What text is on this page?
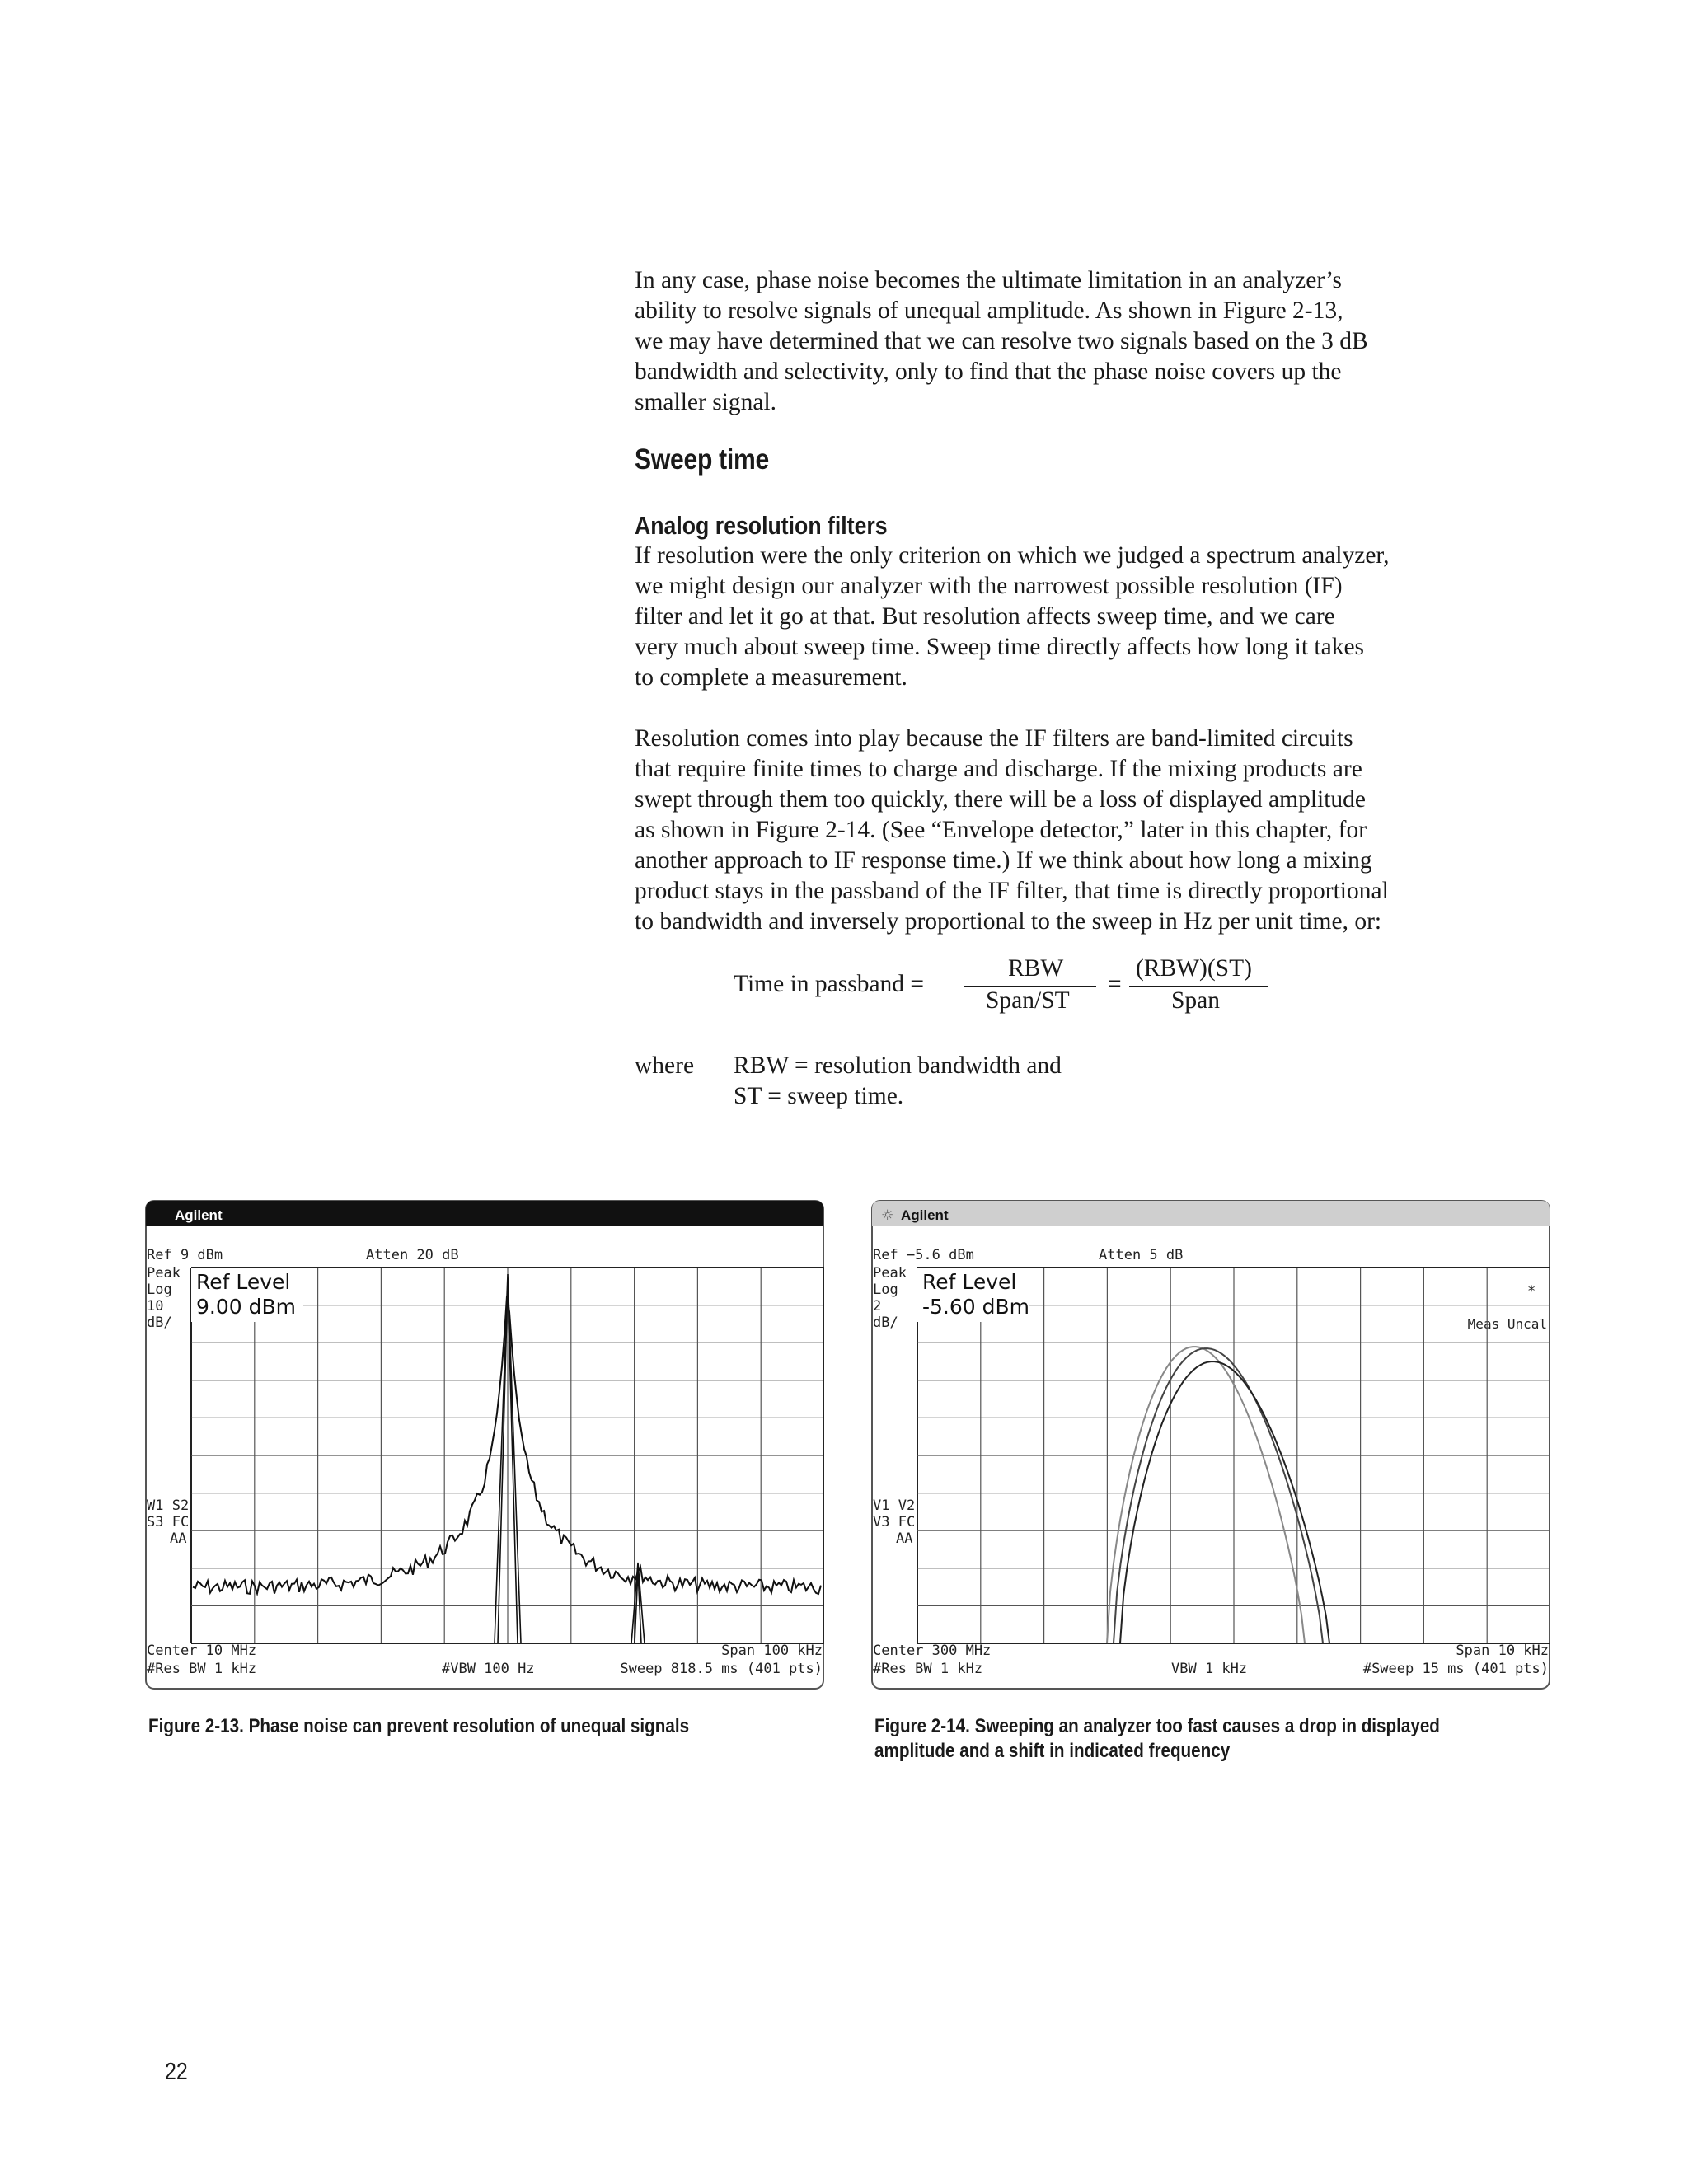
In any case, phase noise becomes the ultimate limitation in an analyzer’s
ability to resolve signals of unequal amplitude. As shown in Figure 2-13,
we may have determined that we can resolve two signals based on the 3 dB
bandwidth and selectivity, only to find that the phase noise covers up the
smaller signal.

Sweep time
Analog resolution filters

If resolution were the only criterion on which we judged a spectrum analyzer,
we might design our analyzer with the narrowest possible resolution (IF)
filter and let it go at that. But resolution affects sweep time, and we care
very much about sweep time. Sweep time directly affects how long it takes
to complete a measurement.

Resolution comes into play because the IF filters are band-limited circuits
that require finite times to charge and discharge. If the mixing products are
swept through them too quickly, there will be a loss of displayed amplitude
as shown in Figure 2-14. (See “Envelope detector,” later in this chapter, for
another approach to IF response time.) If we think about how long a mixing
product stays in the passband of the IF filter, that time is directly proportional
to bandwidth and inversely proportional to the sweep in Hz per unit time, or:

Time in passband =
RBW
Span/ST
=
(RBW)(ST)
Span
where RBW = resolution bandwidth and
ST = sweep time.
Agilent
Ref 9 dBm	Atten 20 dB
Peak
Log
10
dB/
W1 S2
S3 FC
AA
Center 10 MHz	Span 100 kHz
#Res BW 1 kHz	#VBW 100 Hz	Sweep 818.5 ms (401 pts)
Ref Level
9.00 dBm
☼ Agilent
Ref −5.6 dBm	Atten 5 dB
Peak
Log
2
dB/
*
Meas Uncal
V1 V2
V3 FC
AA
Center 300 MHz	Span 10 kHz
#Res BW 1 kHz	VBW 1 kHz	#Sweep 15 ms (401 pts)
Ref Level
-5.60 dBm

Figure 2-13. Phase noise can prevent resolution of unequal signals	Figure 2-14. Sweeping an analyzer too fast causes a drop in displayed
amplitude and a shift in indicated frequency

22
